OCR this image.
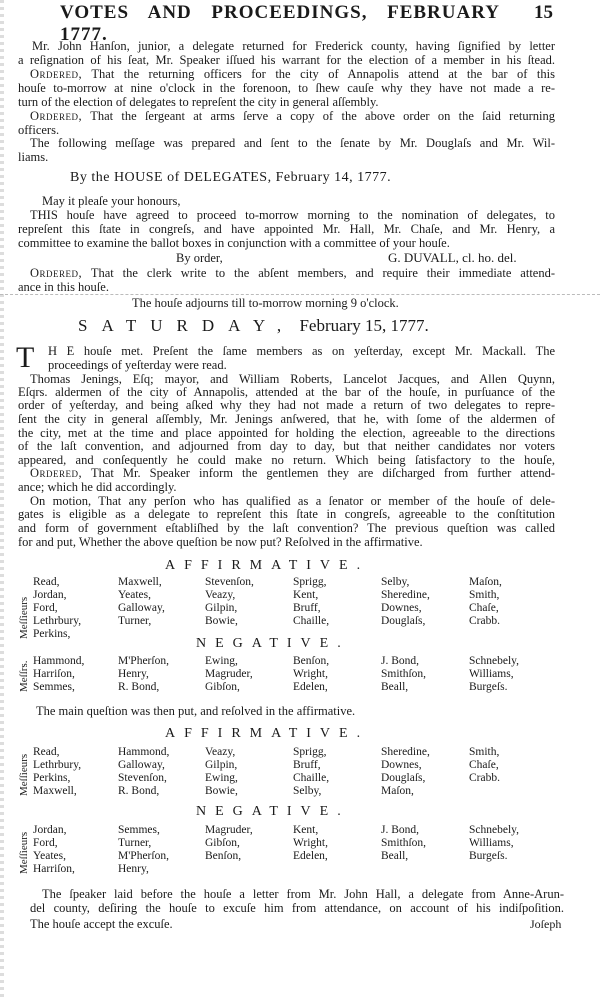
VOTES AND PROCEEDINGS, FEBRUARY 1777.
15
Mr. John Hanſon, junior, a delegate returned for Frederick county, having ſignified by letter
a reſignation of his ſeat, Mr. Speaker iſſued his warrant for the election of a member in his ſtead.
Ordered, That the returning officers for the city of Annapolis attend at the bar of this
houſe to-morrow at nine o'clock in the forenoon, to ſhew cauſe why they have not made a re-
turn of the election of delegates to repreſent the city in general aſſembly.
Ordered, That the ſergeant at arms ſerve a copy of the above order on the ſaid returning
officers.
The following meſſage was prepared and ſent to the ſenate by Mr. Douglaſs and Mr. Wil-
liams.
By the HOUSE of DELEGATES, February 14, 1777.
May it pleaſe your honours,
THIS houſe have agreed to proceed to-morrow morning to the nomination of delegates, to
repreſent this ſtate in congreſs, and have appointed Mr. Hall, Mr. Chaſe, and Mr. Henry, a
committee to examine the ballot boxes in conjunction with a committee of your houſe.
G. DUVALL, cl. ho. del.
By order,
Ordered, That the clerk write to the abſent members, and require their immediate attend-
ance in this houſe.
The houſe adjourns till to-morrow morning 9 o'clock.
SATURDAY, February 15, 1777.
T H E houſe met. Preſent the ſame members as on yeſterday, except Mr. Mackall. The
proceedings of yeſterday were read.
Thomas Jenings, Eſq; mayor, and William Roberts, Lancelot Jacques, and Allen Quynn,
Eſqrs. aldermen of the city of Annapolis, attended at the bar of the houſe, in purſuance of the
order of yeſterday, and being aſked why they had not made a return of two delegates to repre-
ſent the city in general aſſembly, Mr. Jenings anſwered, that he, with ſome of the aldermen of
the city, met at the time and place appointed for holding the election, agreeable to the directions
of the laſt convention, and adjourned from day to day, but that neither candidates nor voters
appeared, and conſequently he could make no return. Which being ſatisfactory to the houſe,
Ordered, That Mr. Speaker inform the gentlemen they are diſcharged from further attend-
ance; which he did accordingly.
On motion, That any perſon who has qualified as a ſenator or member of the houſe of dele-
gates is eligible as a delegate to repreſent this ſtate in congreſs, agreeable to the conſtitution
and form of government eſtabliſhed by the laſt convention? The previous queſtion was called
for and put, Whether the above queſtion be now put? Reſolved in the affirmative.
AFFIRMATIVE.
Meſſieurs
Read,
Jordan,
Ford,
Lethrbury,
Perkins,
Maxwell,
Yeates,
Galloway,
Turner,
Stevenſon,
Veazy,
Gilpin,
Bowie,
Sprigg,
Kent,
Bruff,
Chaille,
Selby,
Sheredine,
Downes,
Douglaſs,
Maſon,
Smith,
Chaſe,
Crabb.
NEGATIVE.
Meſſrs. Hammond,
Harriſon,
Semmes,
M'Pherſon,
Henry,
R. Bond,
Ewing,
Magruder,
Gibſon,
Benſon,
Wright,
Edelen,
J. Bond,
Smithſon,
Beall,
Schnebely,
Williams,
Burgeſs.
AFFIRMATIVE.
Meſſieurs
Read,
Lethrbury,
Perkins,
Maxwell,
Hammond,
Galloway,
Stevenſon,
R. Bond,
Veazy,
Gilpin,
Ewing,
Bowie,
Sprigg,
Bruff,
Chaille,
Selby,
Sheredine,
Downes,
Douglaſs,
Maſon,
Smith,
Chaſe,
Crabb.
NEGATIVE.
Meſſieurs
Jordan,
Ford,
Yeates,
Harriſon,
Semmes,
Turner,
M'Pherſon,
Henry,
Magruder,
Gibſon,
Benſon,
Kent,
Wright,
Edelen,
J. Bond,
Smithſon,
Beall,
Schnebely,
Williams,
Burgeſs.
The main queſtion was then put, and reſolved in the affirmative.
The ſpeaker laid before the houſe a letter from Mr. John Hall, a delegate from Anne-Arun-
del county, deſiring the houſe to excuſe him from attendance, on account of his indiſpoſition.
The houſe accept the excuſe.	Joſeph
